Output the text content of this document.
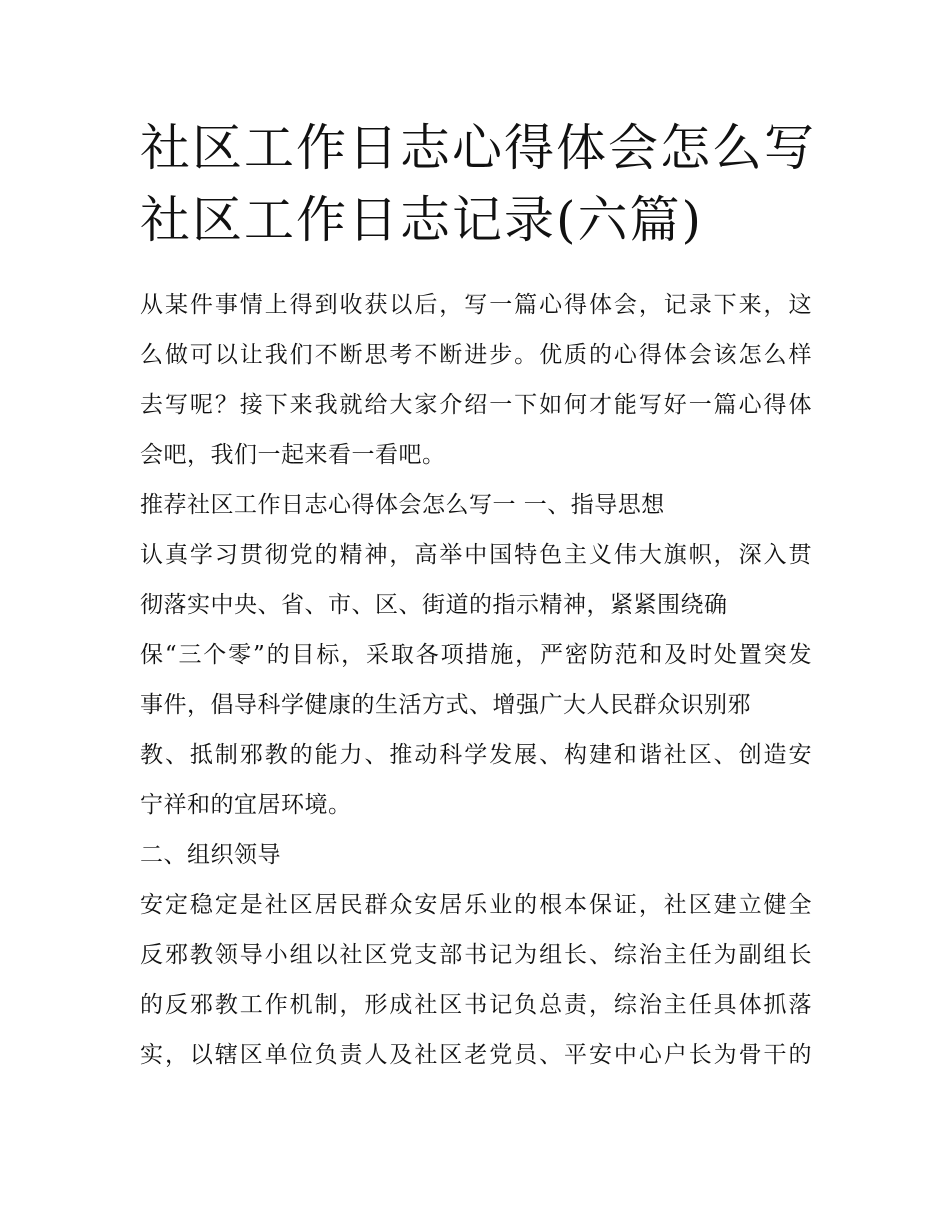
社区工作日志心得体会怎么写
社区工作日志记录(六篇)
从某件事情上得到收获以后，写一篇心得体会，记录下来，这
么做可以让我们不断思考不断进步。优质的心得体会该怎么样
去写呢？接下来我就给大家介绍一下如何才能写好一篇心得体
会吧，我们一起来看一看吧。
推荐社区工作日志心得体会怎么写一 一、指导思想
认真学习贯彻党的精神，高举中国特色主义伟大旗帜，深入贯
彻落实中央、省、市、区、街道的指示精神，紧紧围绕确
保“三个零”的目标，采取各项措施，严密防范和及时处置突发
事件，倡导科学健康的生活方式、增强广大人民群众识别邪
教、抵制邪教的能力、推动科学发展、构建和谐社区、创造安
宁祥和的宜居环境。
二、组织领导
安定稳定是社区居民群众安居乐业的根本保证，社区建立健全
反邪教领导小组以社区党支部书记为组长、综治主任为副组长
的反邪教工作机制，形成社区书记负总责，综治主任具体抓落
实，以辖区单位负责人及社区老党员、平安中心户长为骨干的
